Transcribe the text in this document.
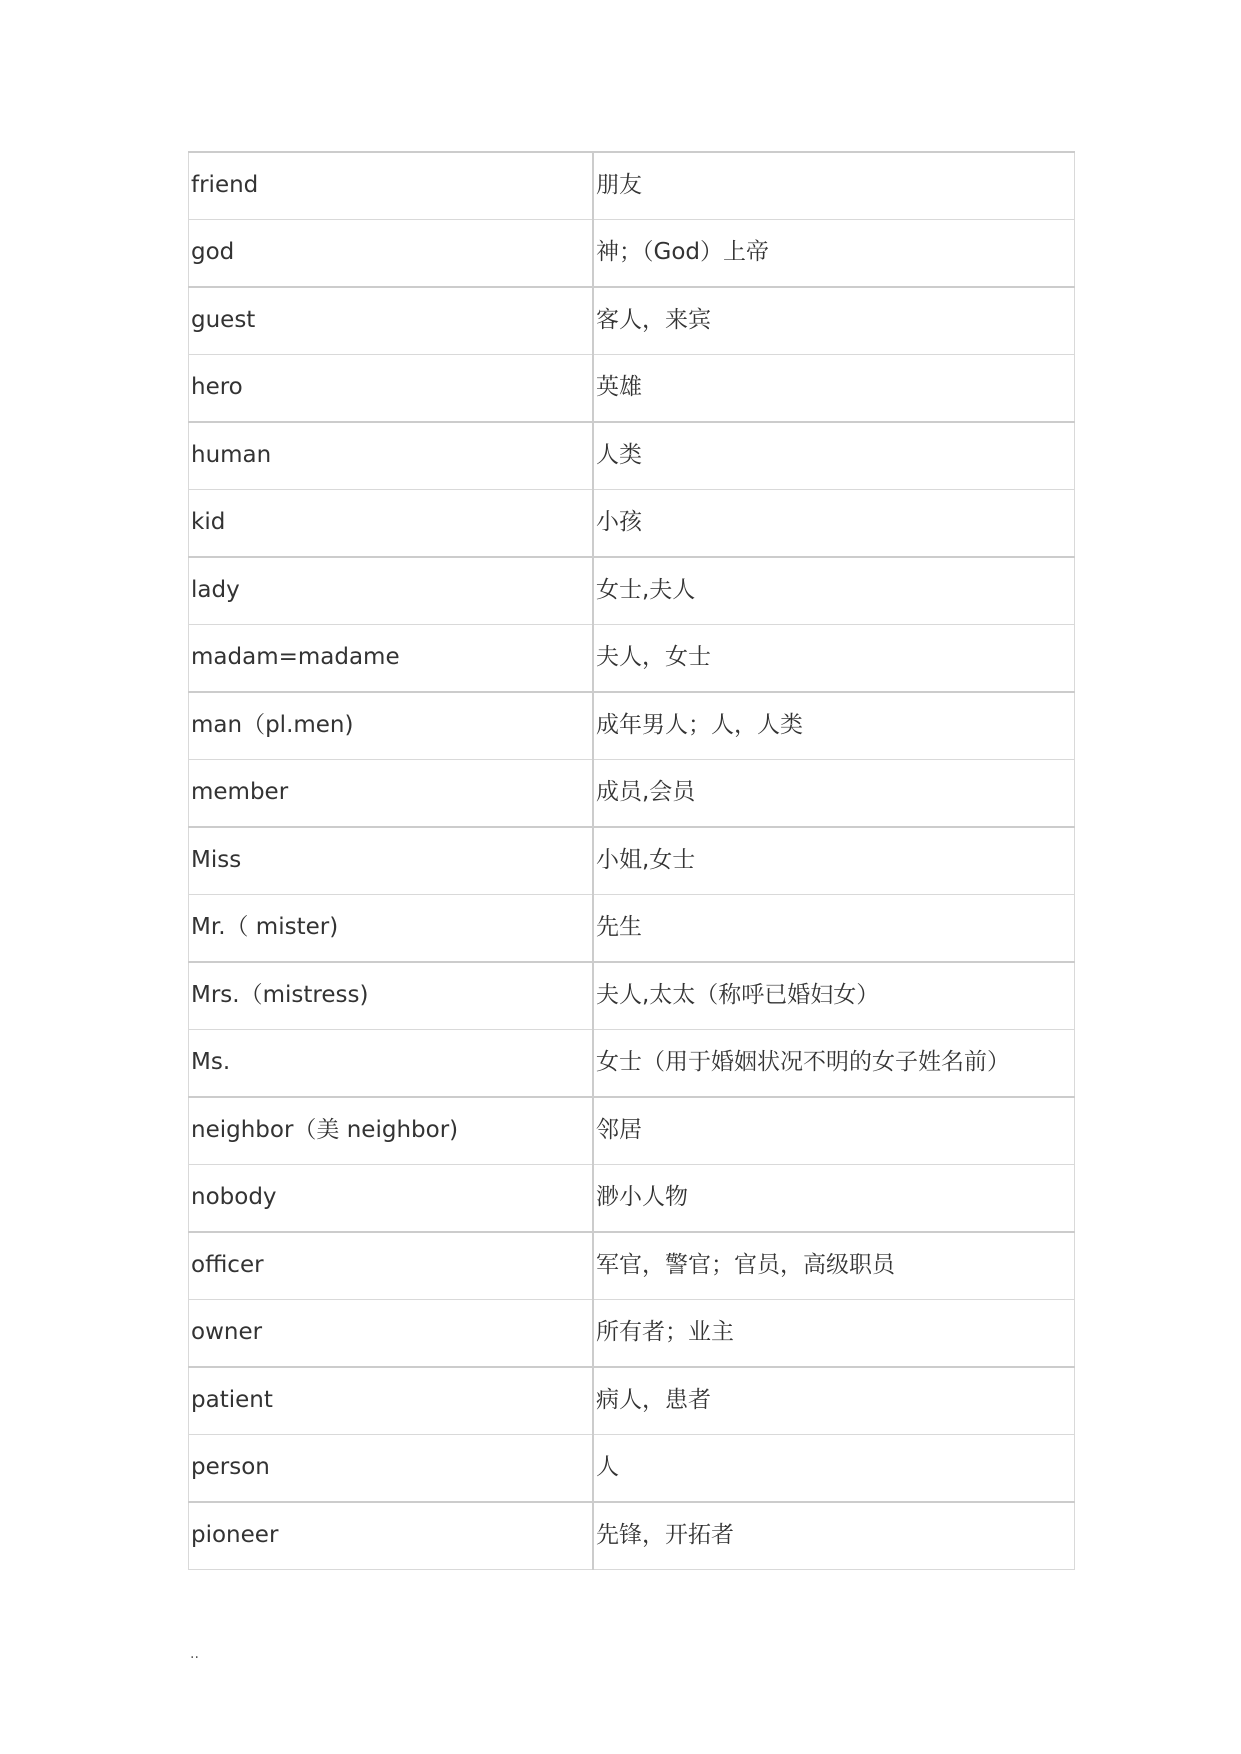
friend	朋友
god	神；（God）上帝
guest	客人，来宾
hero	英雄
human	人类
kid	小孩
lady	女士,夫人
madam=madame	夫人，女士
man（pl.men)	成年男人；人，人类
member	成员,会员
Miss	小姐,女士
Mr.（ mister)	先生
Mrs.（mistress)	夫人,太太（称呼已婚妇女）
Ms.	女士（用于婚姻状况不明的女子姓名前）
neighbor（美 neighbor)	邻居
nobody	渺小人物
officer	军官，警官；官员，高级职员
owner	所有者；业主
patient	病人，患者
person	人
pioneer	先锋，开拓者
..
